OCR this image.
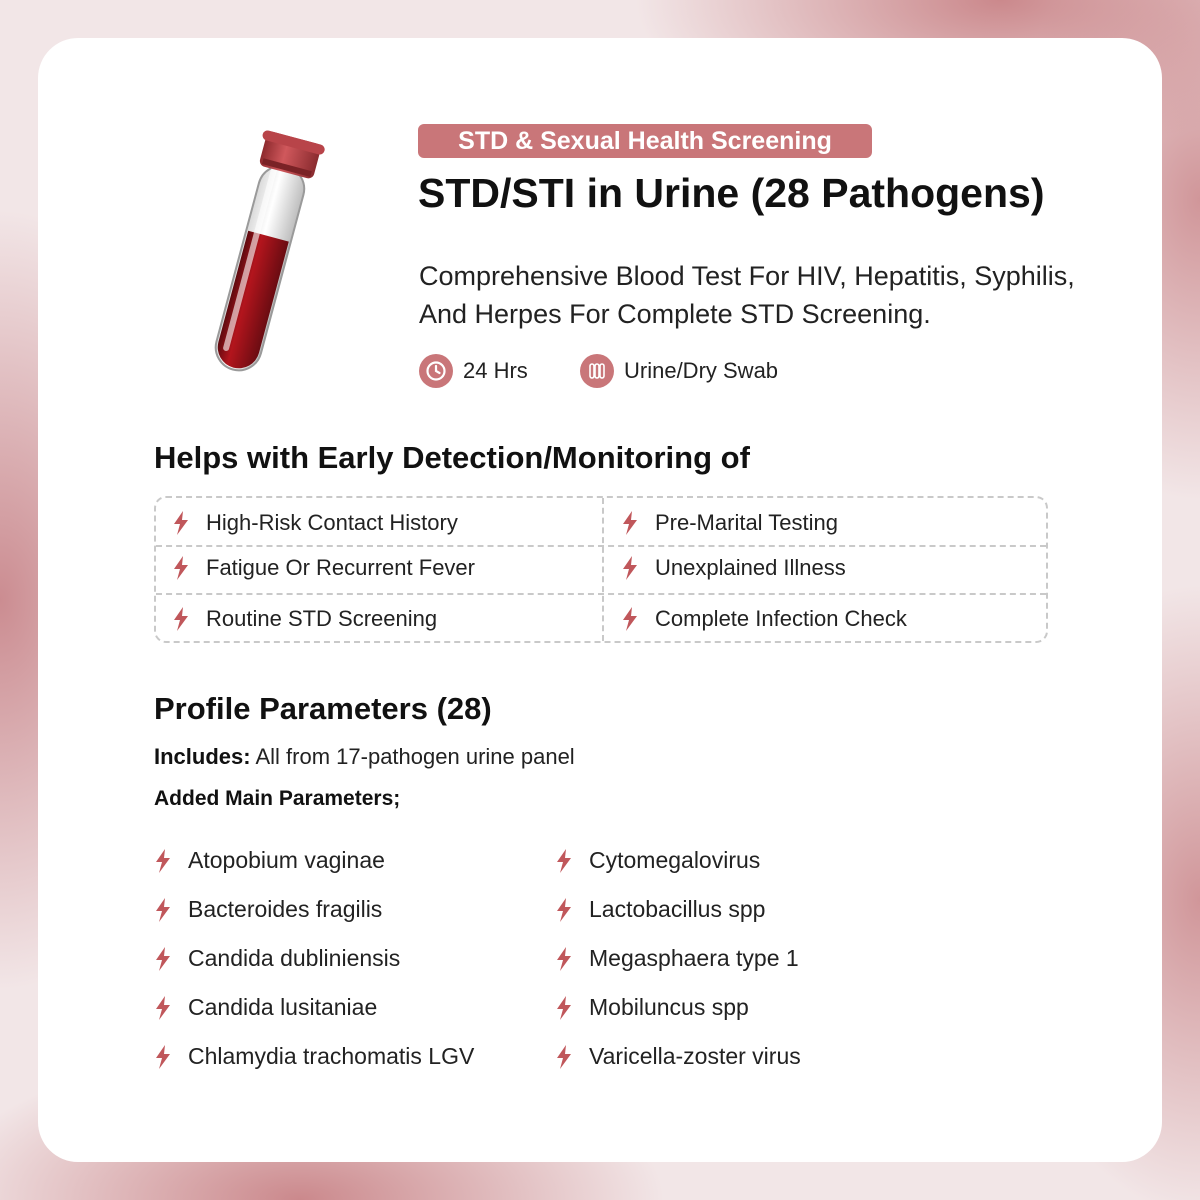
STD & Sexual Health Screening
STD/STI in Urine (28 Pathogens)
Comprehensive Blood Test For HIV, Hepatitis, Syphilis,
And Herpes For Complete STD Screening.
24 Hrs	Urine/Dry Swab
Helps with Early Detection/Monitoring of
High-Risk Contact History	Pre-Marital Testing
Fatigue Or Recurrent Fever	Unexplained Illness
Routine STD Screening	Complete Infection Check
Profile Parameters (28)
Includes: All from 17-pathogen urine panel
Added Main Parameters;
Atopobium vaginae
Bacteroides fragilis
Candida dubliniensis
Candida lusitaniae
Chlamydia trachomatis LGV
Cytomegalovirus
Lactobacillus spp
Megasphaera type 1
Mobiluncus spp
Varicella-zoster virus
